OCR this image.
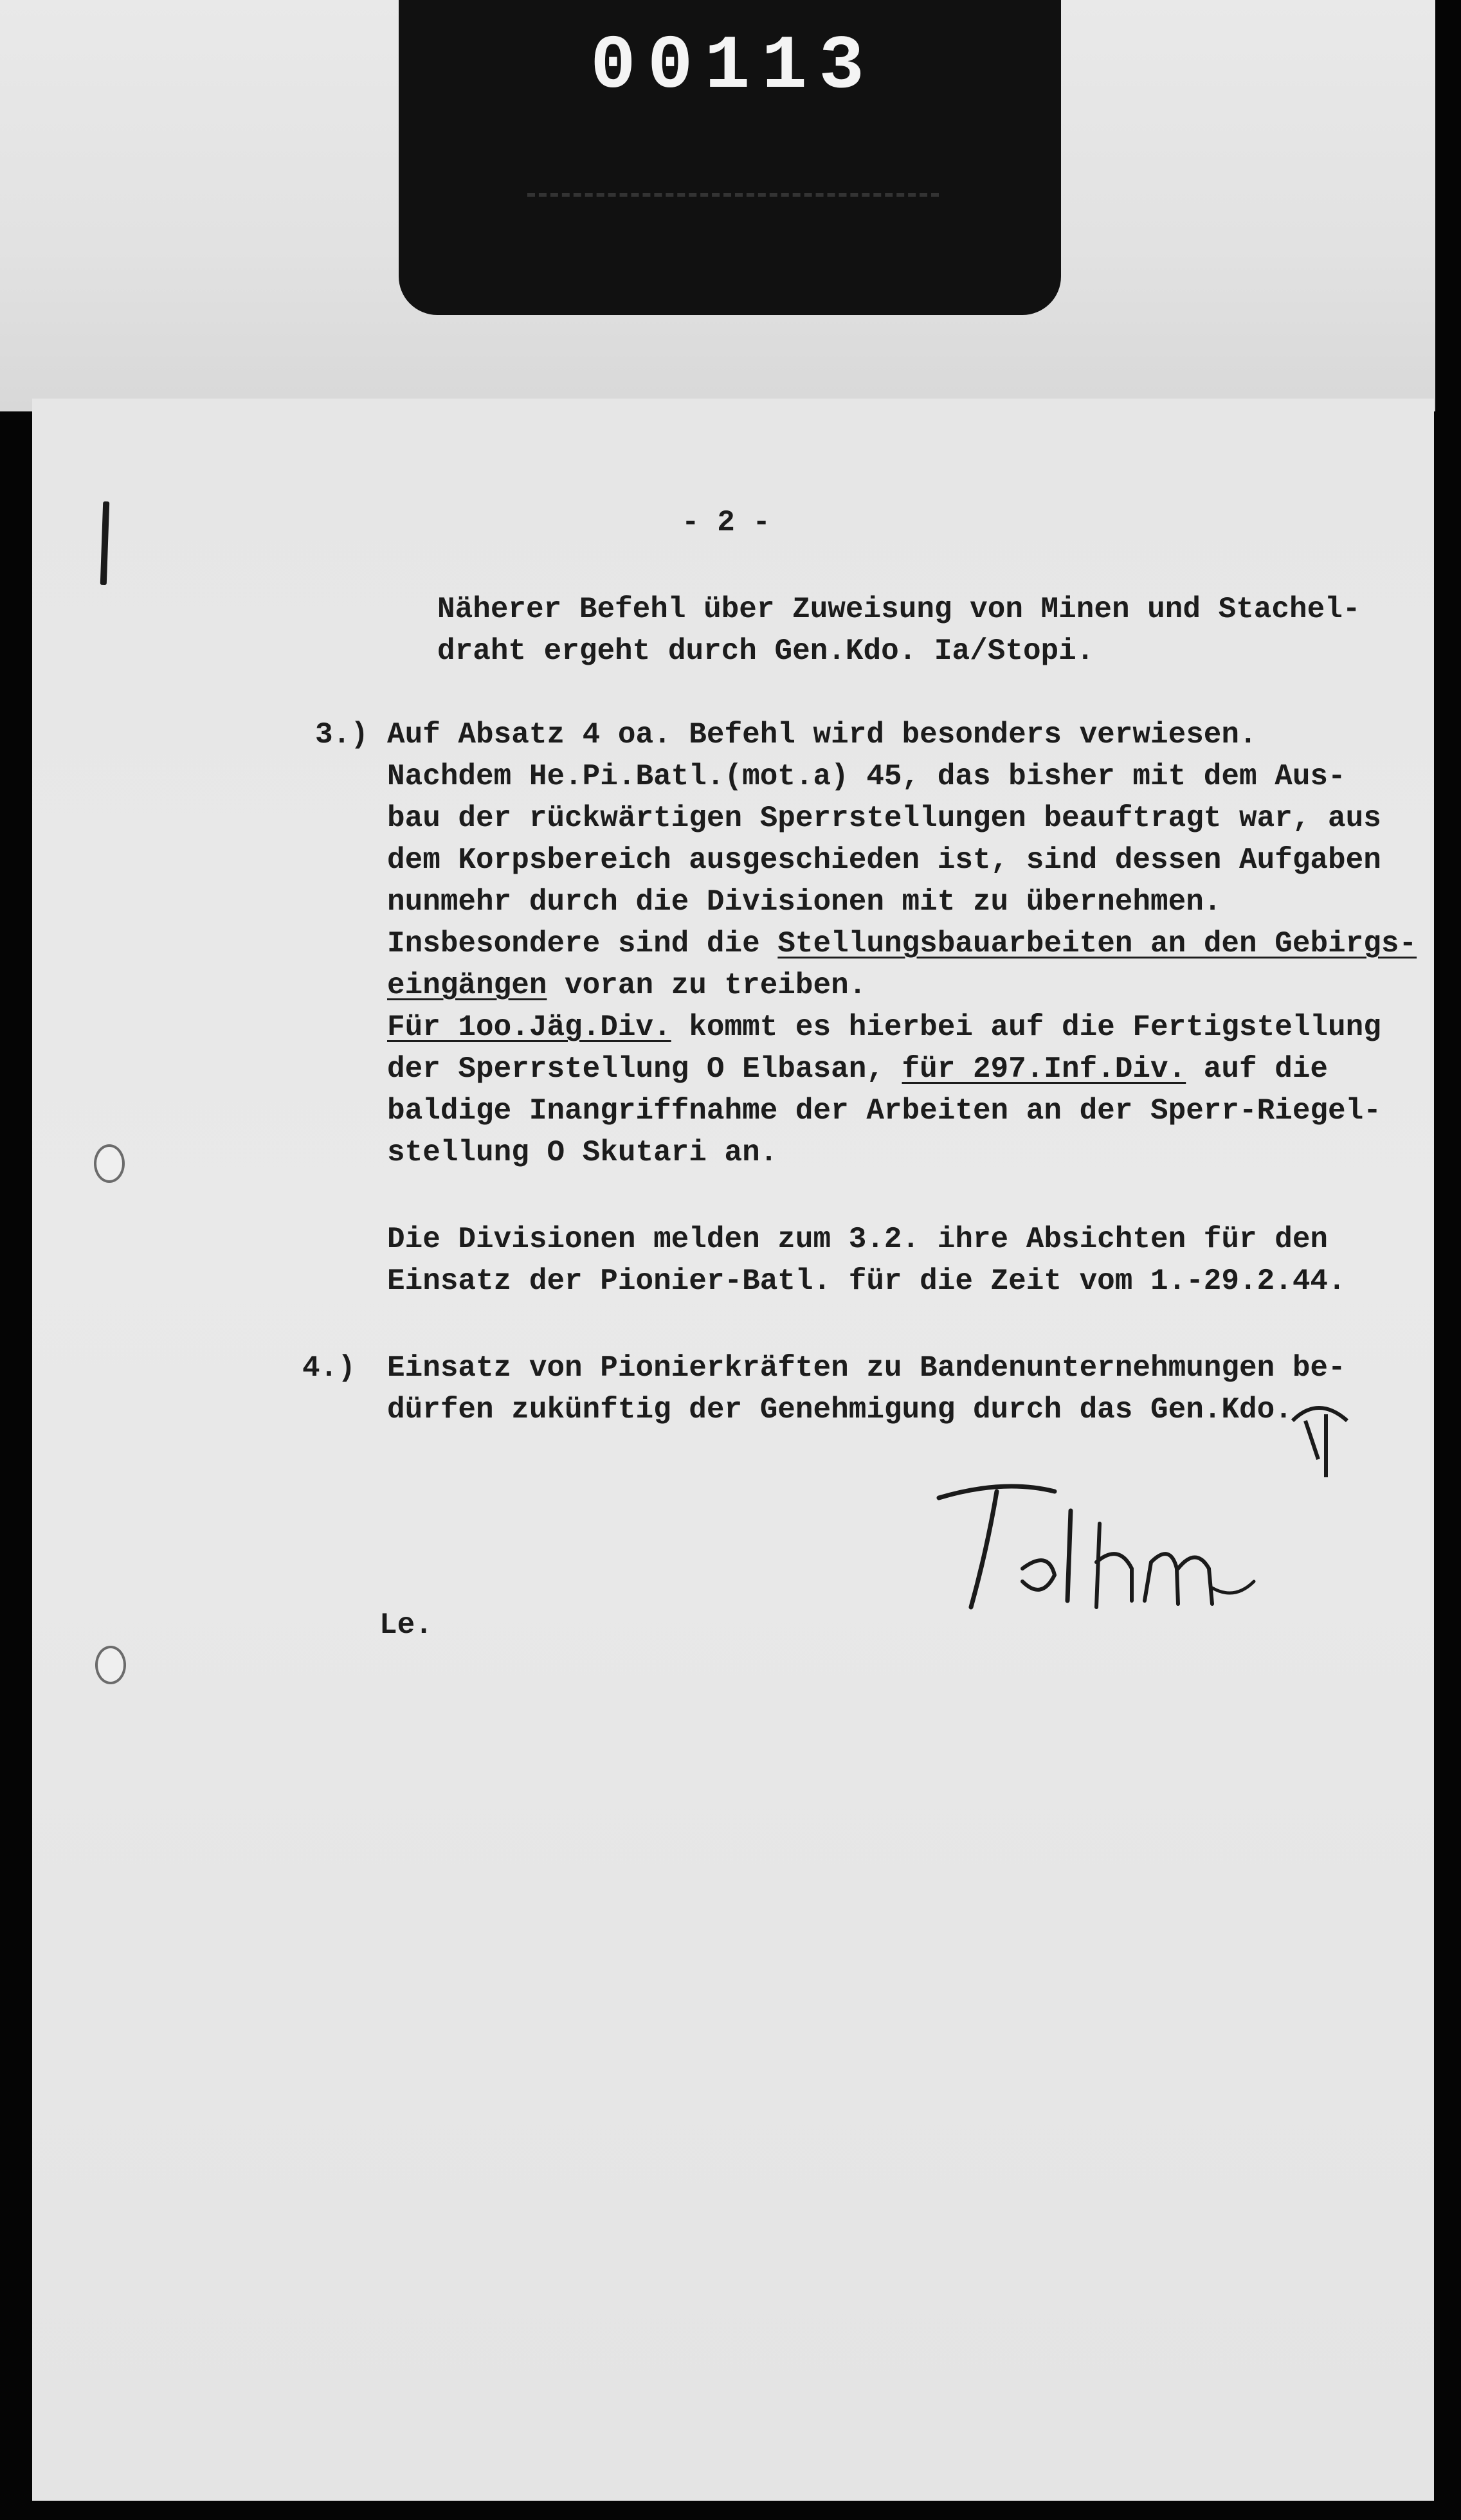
00113

- 2 -

Näherer Befehl über Zuweisung von Minen und Stachel-

draht ergeht durch Gen.Kdo. Ia/Stopi.

3.) Auf Absatz 4 oa. Befehl wird besonders verwiesen.

Nachdem He.Pi.Batl.(mot.a) 45, das bisher mit dem Aus-

bau der rückwärtigen Sperrstellungen beauftragt war, aus

dem Korpsbereich ausgeschieden ist, sind dessen Aufgaben

nunmehr durch die Divisionen mit zu übernehmen.

Insbesondere sind die Stellungsbauarbeiten an den Gebirgs-

eingängen voran zu treiben.

Für 1oo.Jäg.Div. kommt es hierbei auf die Fertigstellung

der Sperrstellung O Elbasan, für 297.Inf.Div. auf die

baldige Inangriffnahme der Arbeiten an der Sperr-Riegel-

stellung O Skutari an.

Die Divisionen melden zum 3.2. ihre Absichten für den

Einsatz der Pionier-Batl. für die Zeit vom 1.-29.2.44.

4.) Einsatz von Pionierkräften zu Bandenunternehmungen be-

dürfen zukünftig der Genehmigung durch das Gen.Kdo.

Le.
